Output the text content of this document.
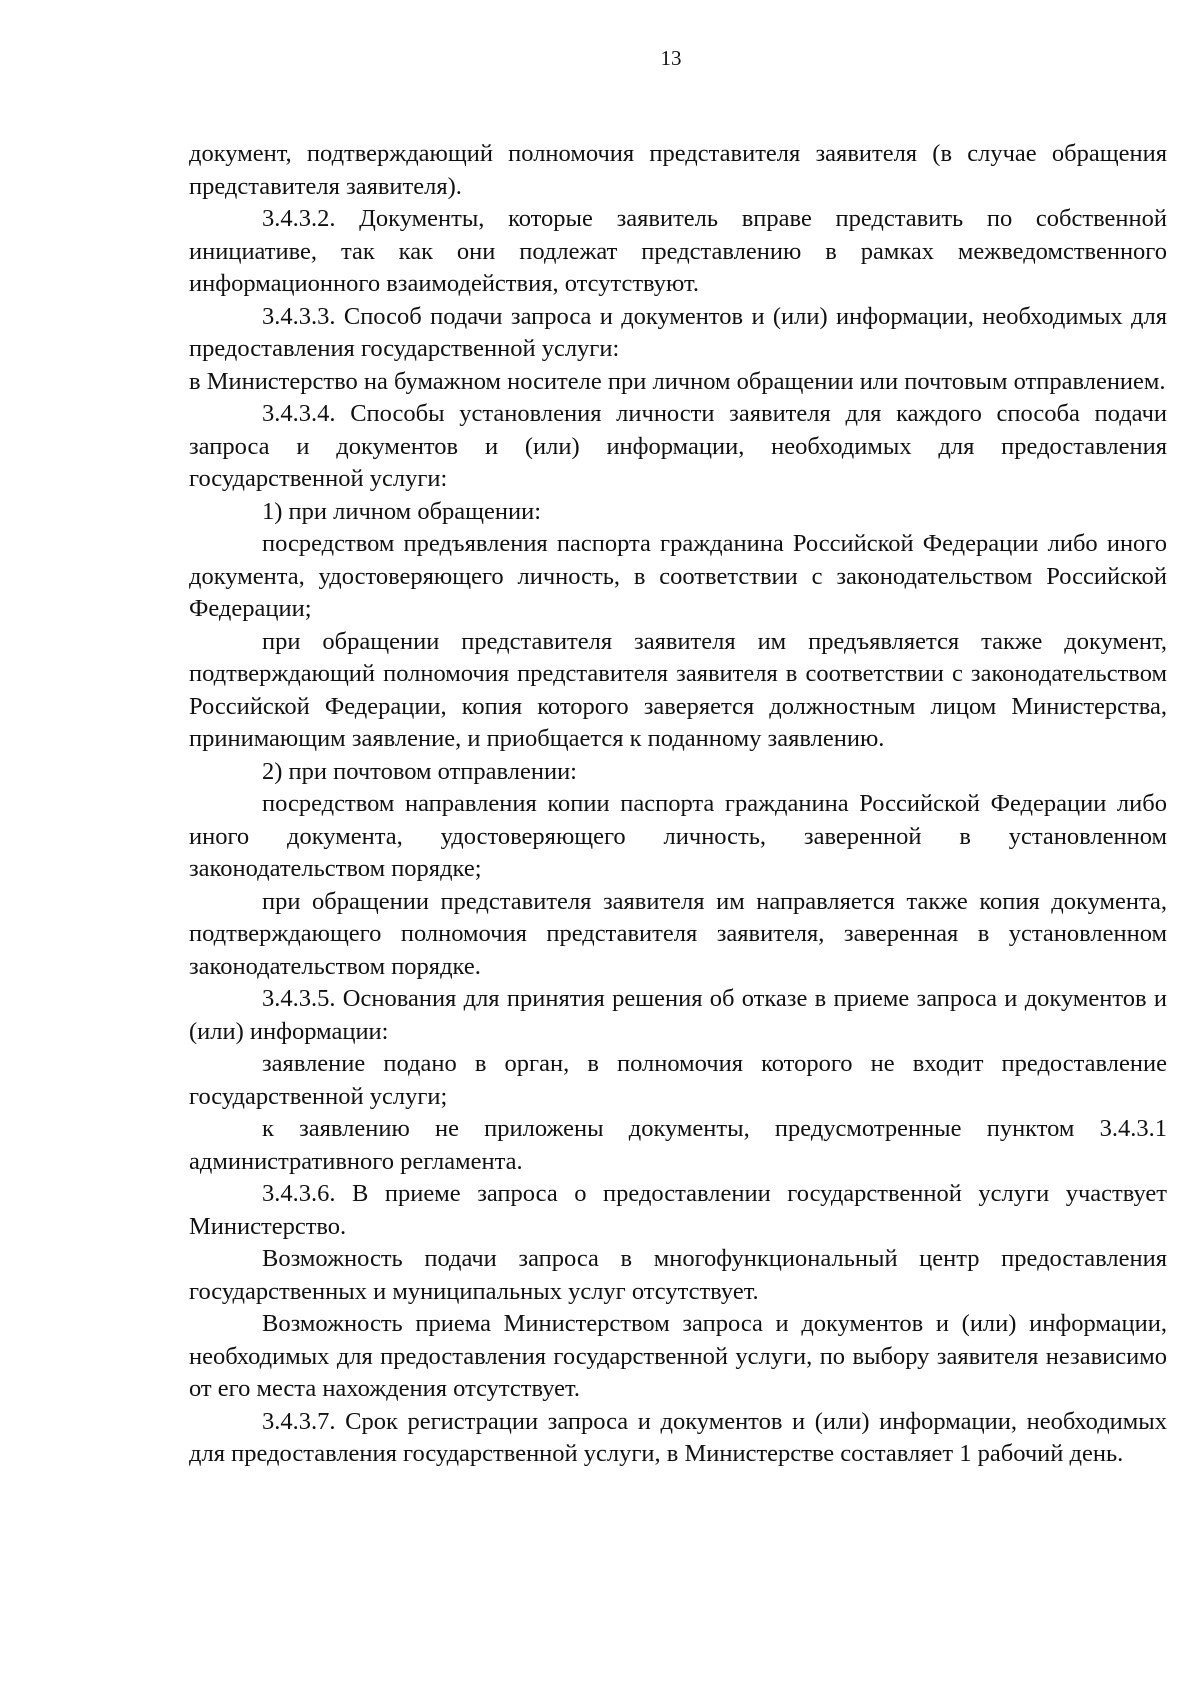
13

документ, подтверждающий полномочия представителя заявителя (в случае обращения представителя заявителя).

3.4.3.2. Документы, которые заявитель вправе представить по собственной инициативе, так как они подлежат представлению в рамках межведомственного информационного взаимодействия, отсутствуют.

3.4.3.3. Способ подачи запроса и документов и (или) информации, необходимых для предоставления государственной услуги:

в Министерство на бумажном носителе при личном обращении или почтовым отправлением.

3.4.3.4. Способы установления личности заявителя для каждого способа подачи запроса и документов и (или) информации, необходимых для предоставления государственной услуги:

1) при личном обращении:

посредством предъявления паспорта гражданина Российской Федерации либо иного документа, удостоверяющего личность, в соответствии с законодательством Российской Федерации;

при обращении представителя заявителя им предъявляется также документ, подтверждающий полномочия представителя заявителя в соответствии с законодательством Российской Федерации, копия которого заверяется должностным лицом Министерства, принимающим заявление, и приобщается к поданному заявлению.

2) при почтовом отправлении:

посредством направления копии паспорта гражданина Российской Федерации либо иного документа, удостоверяющего личность, заверенной в установленном законодательством порядке;

при обращении представителя заявителя им направляется также копия документа, подтверждающего полномочия представителя заявителя, заверенная в установленном законодательством порядке.

3.4.3.5. Основания для принятия решения об отказе в приеме запроса и документов и (или) информации:

заявление подано в орган, в полномочия которого не входит предоставление государственной услуги;

к заявлению не приложены документы, предусмотренные пунктом 3.4.3.1 административного регламента.

3.4.3.6. В приеме запроса о предоставлении государственной услуги участвует Министерство.

Возможность подачи запроса в многофункциональный центр предоставления государственных и муниципальных услуг отсутствует.

Возможность приема Министерством запроса и документов и (или) информации, необходимых для предоставления государственной услуги, по выбору заявителя независимо от его места нахождения отсутствует.

3.4.3.7. Срок регистрации запроса и документов и (или) информации, необходимых для предоставления государственной услуги, в Министерстве составляет 1 рабочий день.
